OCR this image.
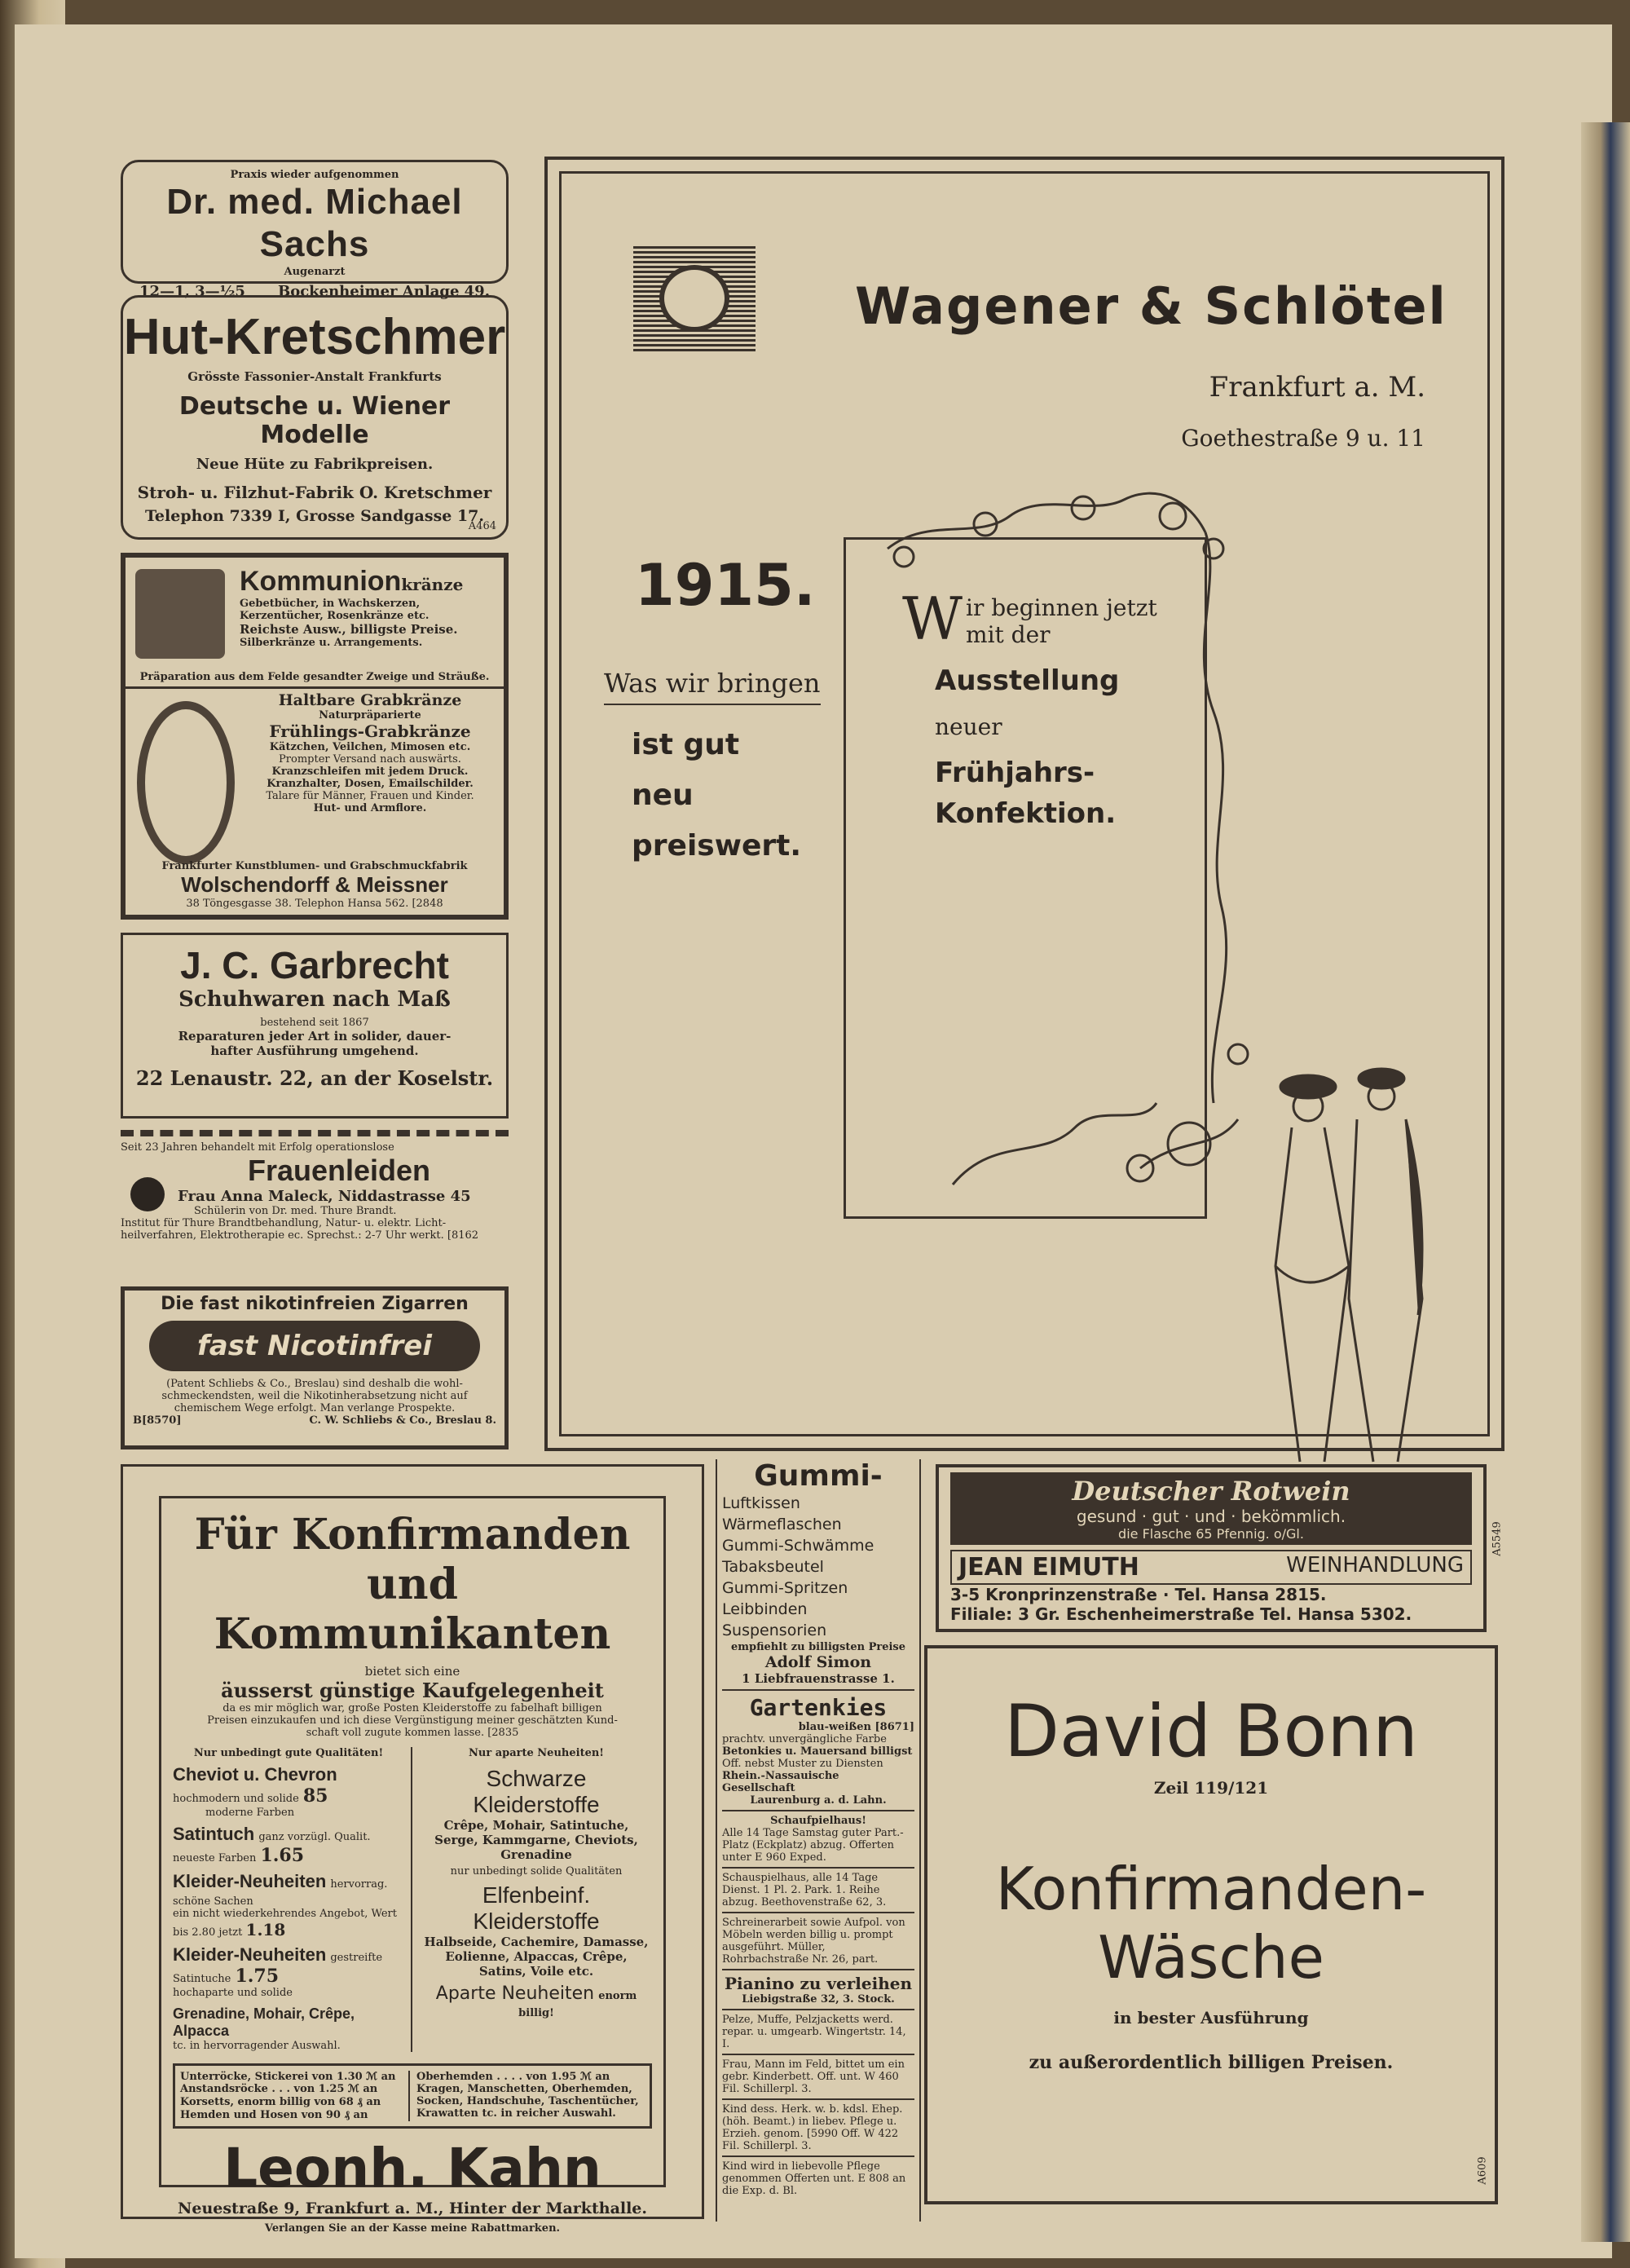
Praxis wieder aufgenommen
Dr. med. Michael Sachs
Augenarzt
12—1, 3—½5 Bockenheimer Anlage 49.
Hut-Kretschmer
Grösste Fassonier-Anstalt Frankfurts
Deutsche u. Wiener Modelle
Neue Hüte zu Fabrikpreisen.
Stroh- u. Filzhut-Fabrik O. Kretschmer
Telephon 7339 I, Grosse Sandgasse 17.
A464
Kommunionkränze
Gebetbücher, in Wachskerzen,
Kerzentücher, Rosenkränze etc.
Reichste Ausw., billigste Preise.
Silberkränze u. Arrangements.
Präparation aus dem Felde gesandter Zweige und Sträuße.
Haltbare Grabkränze
Naturpräparierte
Frühlings-Grabkränze
Kätzchen, Veilchen, Mimosen etc.
Prompter Versand nach auswärts.
Kranzschleifen mit jedem Druck.
Kranzhalter, Dosen, Emailschilder.
Talare für Männer, Frauen und Kinder.
Hut- und Armflore.
Frankfurter Kunstblumen- und Grabschmuckfabrik
Wolschendorff & Meissner
38 Töngesgasse 38. Telephon Hansa 562. [2848
J. C. Garbrecht
Schuhwaren nach Maß
bestehend seit 1867
Reparaturen jeder Art in solider, dauer-
hafter Ausführung umgehend.
22 Lenaustr. 22, an der Koselstr.
Seit 23 Jahren behandelt mit Erfolg operationslose
Frauenleiden
Frau Anna Maleck, Niddastrasse 45
Schülerin von Dr. med. Thure Brandt.
Institut für Thure Brandtbehandlung, Natur- u. elektr. Licht-
heilverfahren, Elektrotherapie ec. Sprechst.: 2-7 Uhr werkt. [8162
Die fast nikotinfreien Zigarren
fast Nicotinfrei
(Patent Schliebs & Co., Breslau) sind deshalb die wohl-
schmeckendsten, weil die Nikotinherabsetzung nicht auf
chemischem Wege erfolgt. Man verlange Prospekte.
B[8570]	C. W. Schliebs & Co., Breslau 8.
Wagener & Schlötel
Frankfurt a. M.
Goethestraße 9 u. 11
1915.
Was wir bringen
ist gut
neu
preiswert.
W ir beginnen jetzt
mit der
Ausstellung
neuer
Frühjahrs-
Konfektion.
Für Konfirmanden
und Kommunikanten
bietet sich eine
äusserst günstige Kaufgelegenheit
da es mir möglich war, große Posten Kleiderstoffe zu fabelhaft billigen
Preisen einzukaufen und ich diese Vergünstigung meiner geschätzten Kund-
schaft voll zugute kommen lasse. [2835
Nur unbedingt gute Qualitäten!
Cheviot u. Chevron hochmodern und solide 85
moderne Farben
Satintuch ganz vorzügl. Qualit. neueste Farben 1.65
Kleider-Neuheiten hervorrag. schöne Sachen
ein nicht wiederkehrendes Angebot, Wert bis 2.80 jetzt 1.18
Kleider-Neuheiten gestreifte Satintuche 1.75
hochaparte und solide
Grenadine, Mohair, Crêpe, Alpacca
tc. in hervorragender Auswahl.
Nur aparte Neuheiten!
Schwarze Kleiderstoffe
Crêpe, Mohair, Satintuche, Serge, Kammgarne, Cheviots, Grenadine
nur unbedingt solide Qualitäten
Elfenbeinf. Kleiderstoffe
Halbseide, Cachemire, Damasse, Eolienne, Alpaccas, Crêpe, Satins, Voile etc.
Aparte Neuheiten enorm billig!
Unterröcke, Stickerei von 1.30 ℳ an
Anstandsröcke . . . von 1.25 ℳ an
Korsetts, enorm billig von 68 ₰ an
Hemden und Hosen von 90 ₰ an
Oberhemden . . . . von 1.95 ℳ an
Kragen, Manschetten, Oberhemden,
Socken, Handschuhe, Taschentücher,
Krawatten tc. in reicher Auswahl.
Leonh. Kahn
Neuestraße 9, Frankfurt a. M., Hinter der Markthalle.
Verlangen Sie an der Kasse meine Rabattmarken.
Gummi-
Luftkissen
Wärmeflaschen
Gummi-Schwämme
Tabaksbeutel
Gummi-Spritzen
Leibbinden
Suspensorien
empfiehlt zu billigsten Preise
Adolf Simon
1 Liebfrauenstrasse 1.
Gartenkies
blau-weißen [8671]
prachtv. unvergängliche Farbe
Betonkies u. Mauersand billigst
Off. nebst Muster zu Diensten
Rhein.-Nassauische Gesellschaft
Laurenburg a. d. Lahn.
Schaufpielhaus!
Alle 14 Tage Samstag guter Part.-Platz (Eckplatz) abzug. Offerten unter E 960 Exped.
Schauspielhaus, alle 14 Tage Dienst. 1 Pl. 2. Park. 1. Reihe abzug. Beethovenstraße 62, 3.
Schreinerarbeit sowie Aufpol. von Möbeln werden billig u. prompt ausgeführt. Müller, Rohrbachstraße Nr. 26, part.
Pianino zu verleihen
Liebigstraße 32, 3. Stock.
Pelze, Muffe, Pelzjacketts werd. repar. u. umgearb. Wingertstr. 14, I.
Frau, Mann im Feld, bittet um ein gebr. Kinderbett. Off. unt. W 460 Fil. Schillerpl. 3.
Kind dess. Herk. w. b. kdsl. Ehep. (höh. Beamt.) in liebev. Pflege u. Erzieh. genom. [5990 Off. W 422 Fil. Schillerpl. 3.
Kind wird in liebevolle Pflege genommen Offerten unt. E 808 an die Exp. d. Bl.
Deutscher Rotwein
gesund · gut · und · bekömmlich.
die Flasche 65 Pfennig. o/Gl.
JEAN EIMUTH	WEINHANDLUNG
3-5 Kronprinzenstraße · Tel. Hansa 2815.
Filiale: 3 Gr. Eschenheimerstraße Tel. Hansa 5302.
A5549
David Bonn
Zeil 119/121
Konfirmanden-
Wäsche
in bester Ausführung
zu außerordentlich billigen Preisen.
A609
